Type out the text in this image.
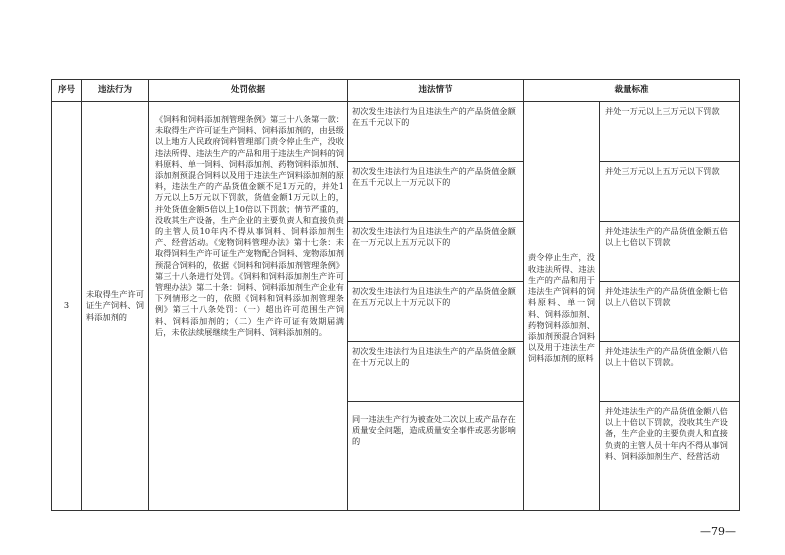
序号	违法行为	处罚依据	违法情节	裁量标准	
3	未取得生产许可证生产饲料、饲料添加剂的	《饲料和饲料添加剂管理条例》第三十八条第一款：未取得生产许可证生产饲料、饲料添加剂的，由县级以上地方人民政府饲料管理部门责令停止生产，没收违法所得、违法生产的产品和用于违法生产饲料的饲料原料、单一饲料、饲料添加剂、药物饲料添加剂、添加剂预混合饲料以及用于违法生产饲料添加剂的原料，违法生产的产品货值金额不足1万元的，并处1万元以上5万元以下罚款，货值金额1万元以上的，并处货值金额5倍以上10倍以下罚款；情节严重的，没收其生产设备，生产企业的主要负责人和直接负责的主管人员10年内不得从事饲料、饲料添加剂生产、经营活动。《宠物饲料管理办法》第十七条：未取得饲料生产许可证生产宠物配合饲料、宠物添加剂预混合饲料的，依据《饲料和饲料添加剂管理条例》第三十八条进行处罚。《饲料和饲料添加剂生产许可管理办法》第二十条：饲料、饲料添加剂生产企业有下列情形之一的，依照《饲料和饲料添加剂管理条例》第三十八条处罚：（一）超出许可范围生产饲料、饲料添加剂的；（二）生产许可证有效期届满后，未依法续展继续生产饲料、饲料添加剂的。	初次发生违法行为且违法生产的产品货值金额在五千元以下的	责令停止生产，没收违法所得、违法生产的产品和用于违法生产饲料的饲料原料、单一饲料、饲料添加剂、药物饲料添加剂、添加剂预混合饲料以及用于违法生产饲料添加剂的原料	并处一万元以上三万元以下罚款
			初次发生违法行为且违法生产的产品货值金额在五千元以上一万元以下的		并处三万元以上五万元以下罚款
			初次发生违法行为且违法生产的产品货值金额在一万元以上五万元以下的		并处违法生产的产品货值金额五倍以上七倍以下罚款
			初次发生违法行为且违法生产的产品货值金额在五万元以上十万元以下的		并处违法生产的产品货值金额七倍以上八倍以下罚款
			初次发生违法行为且违法生产的产品货值金额在十万元以上的		并处违法生产的产品货值金额八倍以上十倍以下罚款。
			同一违法生产行为被查处二次以上或产品存在质量安全问题，造成质量安全事件或恶劣影响的		并处违法生产的产品货值金额八倍以上十倍以下罚款，没收其生产设备，生产企业的主要负责人和直接负责的主管人员十年内不得从事饲料、饲料添加剂生产、经营活动
—79—
